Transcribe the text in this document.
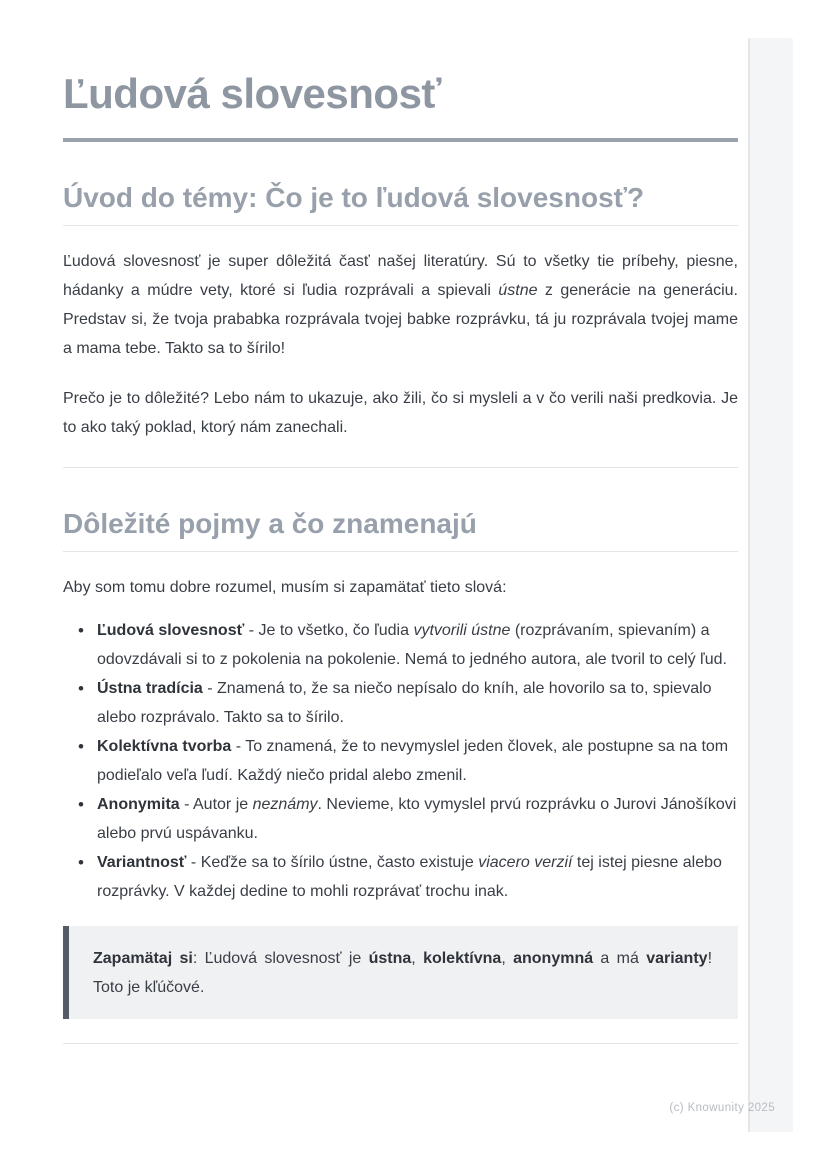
Ľudová slovesnosť
Úvod do témy: Čo je to ľudová slovesnosť?

Ľudová slovesnosť je super dôležitá časť našej literatúry. Sú to všetky tie príbehy, piesne, hádanky a múdre vety, ktoré si ľudia rozprávali a spievali ústne z generácie na generáciu. Predstav si, že tvoja prababka rozprávala tvojej babke rozprávku, tá ju rozprávala tvojej mame a mama tebe. Takto sa to šírilo!

Prečo je to dôležité? Lebo nám to ukazuje, ako žili, čo si mysleli a v čo verili naši predkovia. Je to ako taký poklad, ktorý nám zanechali.

Dôležité pojmy a čo znamenajú

Aby som tomu dobre rozumel, musím si zapamätať tieto slová:

• Ľudová slovesnosť - Je to všetko, čo ľudia vytvorili ústne (rozprávaním, spievaním) a odovzdávali si to z pokolenia na pokolenie. Nemá to jedného autora, ale tvoril to celý ľud.
• Ústna tradícia - Znamená to, že sa niečo nepísalo do kníh, ale hovorilo sa to, spievalo alebo rozprávalo. Takto sa to šírilo.
• Kolektívna tvorba - To znamená, že to nevymyslel jeden človek, ale postupne sa na tom podieľalo veľa ľudí. Každý niečo pridal alebo zmenil.
• Anonymita - Autor je neznámy. Nevieme, kto vymyslel prvú rozprávku o Jurovi Jánošíkovi alebo prvú uspávanku.
• Variantnosť - Keďže sa to šírilo ústne, často existuje viacero verzií tej istej piesne alebo rozprávky. V každej dedine to mohli rozprávať trochu inak.
Zapamätaj si: Ľudová slovesnosť je ústna, kolektívna, anonymná a má varianty! Toto je kľúčové.
(c) Knowunity 2025
